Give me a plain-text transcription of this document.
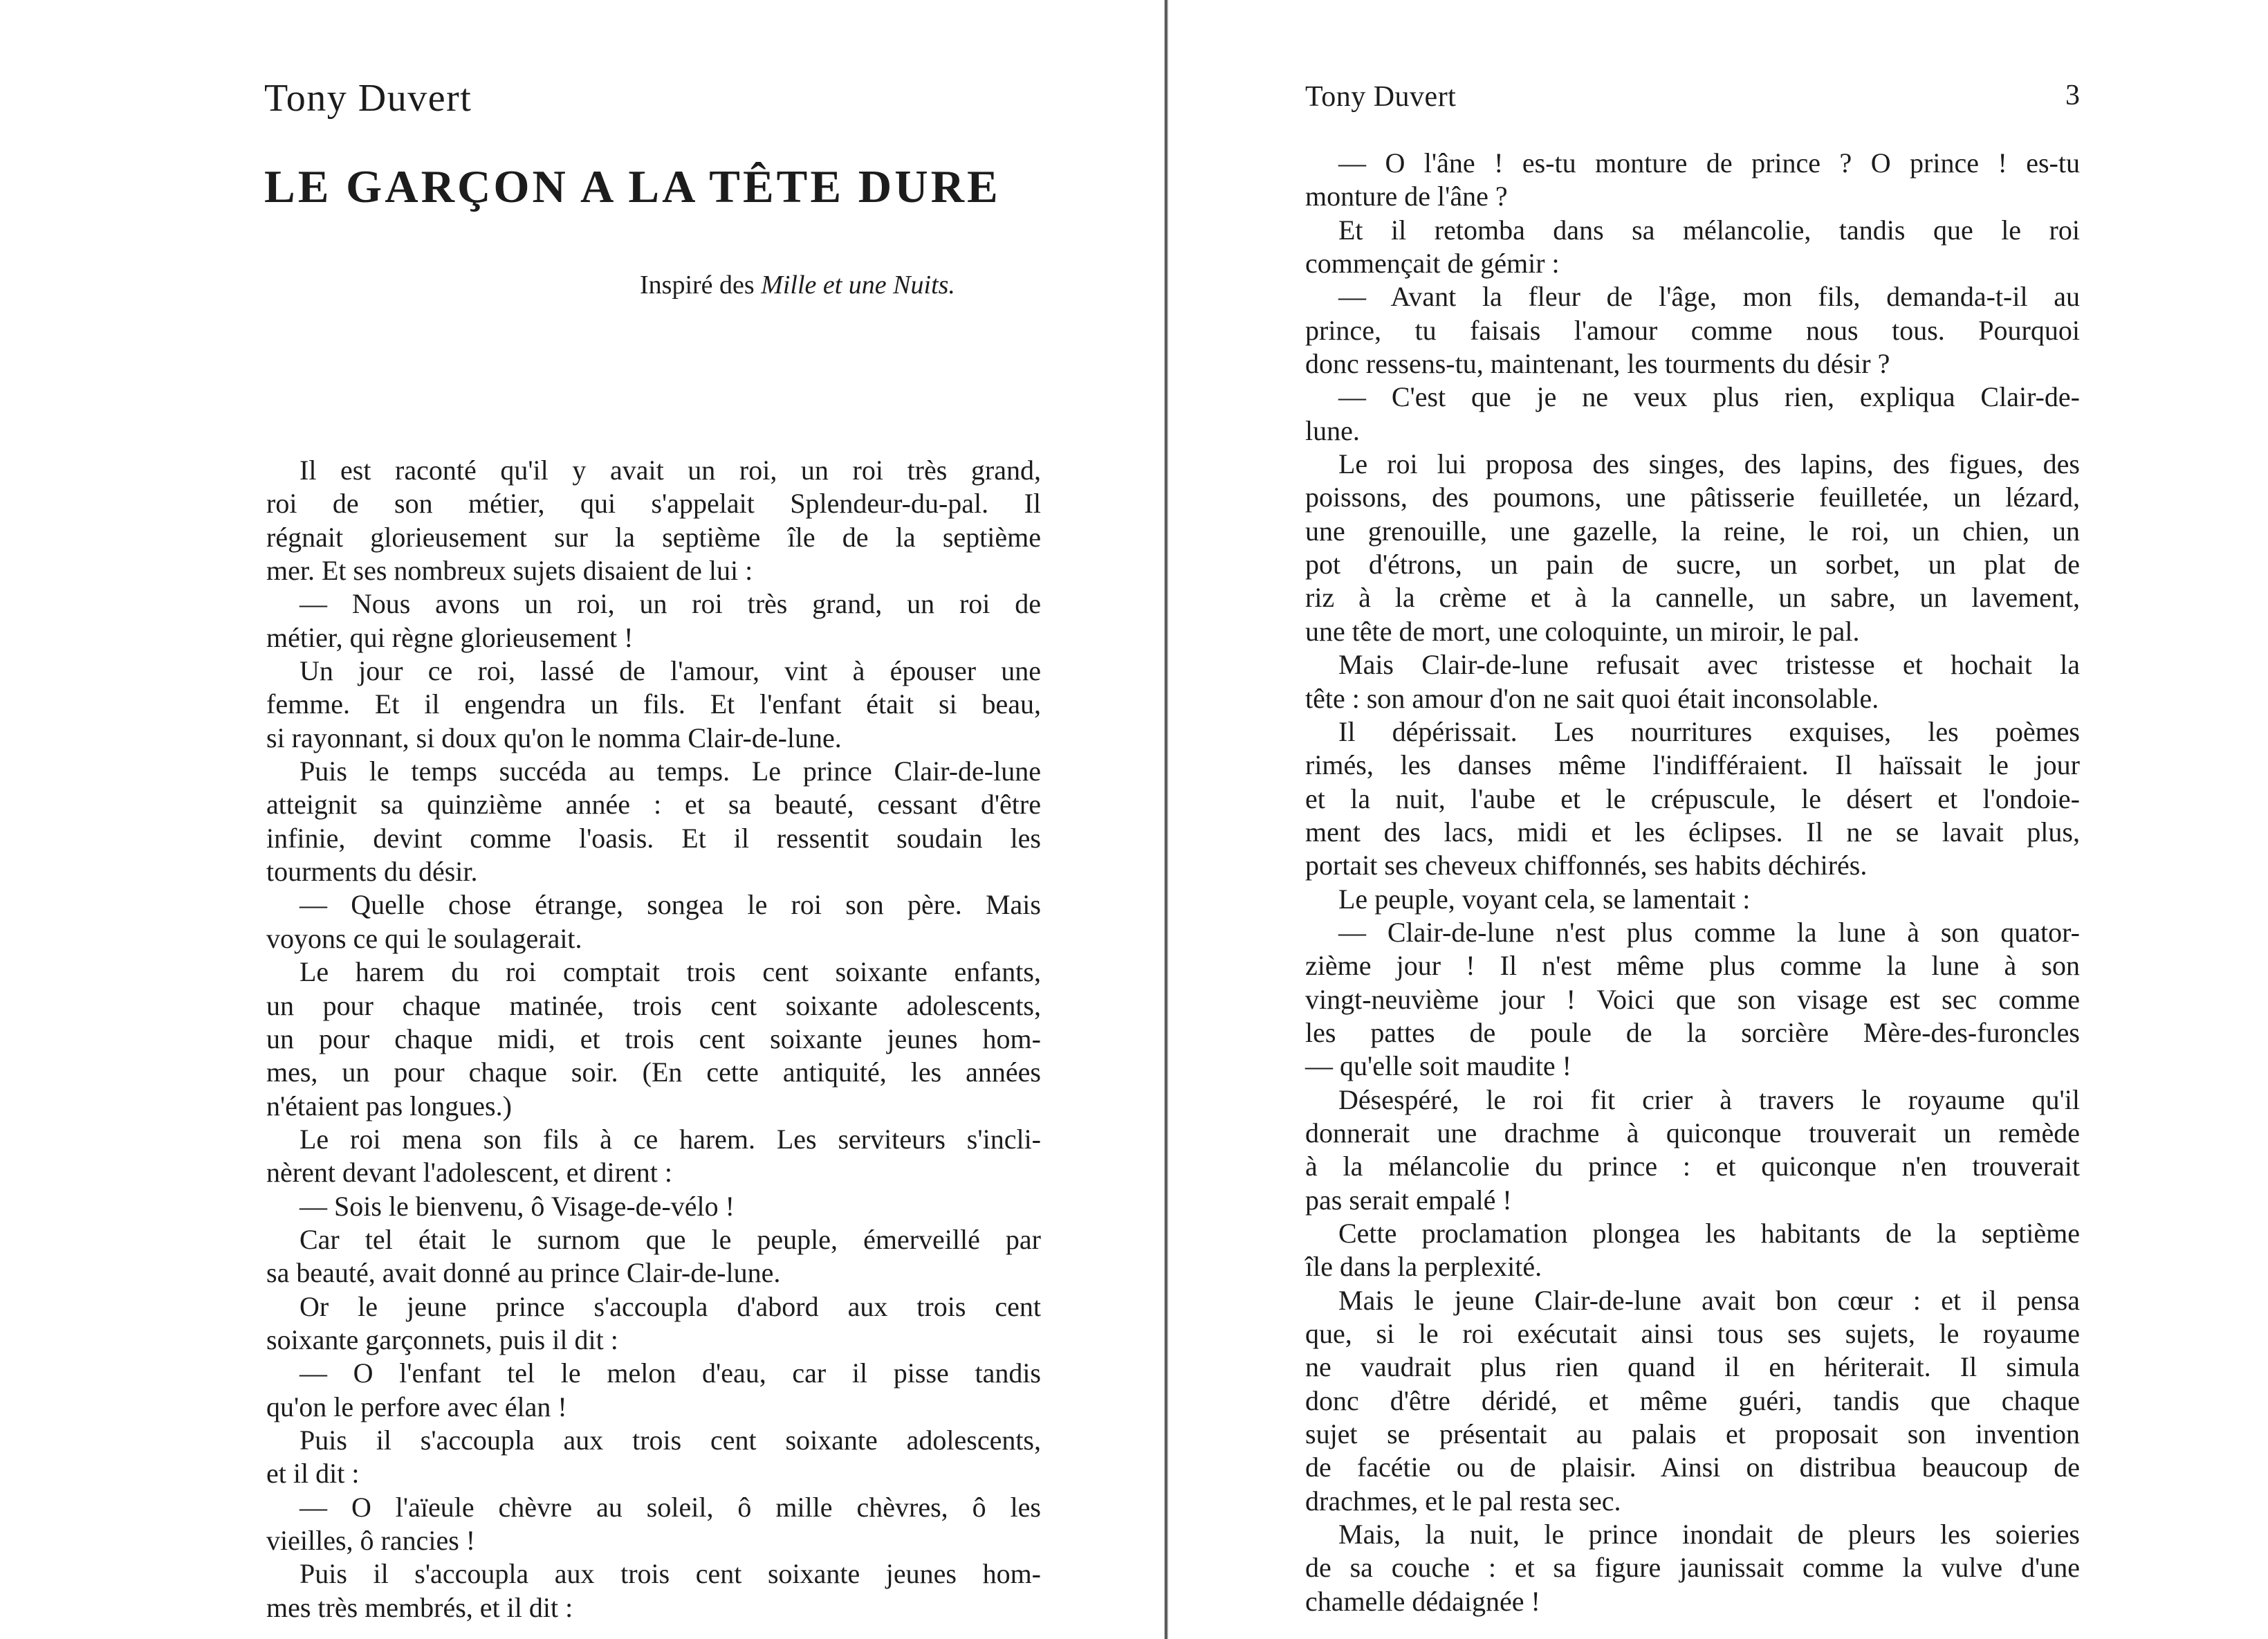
Tony Duvert
LE GARÇON A LA TÊTE DURE

Inspiré des Mille et une Nuits.

Il est raconté qu'il y avait un roi, un roi très grand,
roi de son métier, qui s'appelait Splendeur-du-pal. Il
régnait glorieusement sur la septième île de la septième
mer. Et ses nombreux sujets disaient de lui :
— Nous avons un roi, un roi très grand, un roi de
métier, qui règne glorieusement !
Un jour ce roi, lassé de l'amour, vint à épouser une
femme. Et il engendra un fils. Et l'enfant était si beau,
si rayonnant, si doux qu'on le nomma Clair-de-lune.
Puis le temps succéda au temps. Le prince Clair-de-lune
atteignit sa quinzième année : et sa beauté, cessant d'être
infinie, devint comme l'oasis. Et il ressentit soudain les
tourments du désir.
— Quelle chose étrange, songea le roi son père. Mais
voyons ce qui le soulagerait.
Le harem du roi comptait trois cent soixante enfants,
un pour chaque matinée, trois cent soixante adolescents,
un pour chaque midi, et trois cent soixante jeunes hom-
mes, un pour chaque soir. (En cette antiquité, les années
n'étaient pas longues.)
Le roi mena son fils à ce harem. Les serviteurs s'incli-
nèrent devant l'adolescent, et dirent :
— Sois le bienvenu, ô Visage-de-vélo !
Car tel était le surnom que le peuple, émerveillé par
sa beauté, avait donné au prince Clair-de-lune.
Or le jeune prince s'accoupla d'abord aux trois cent
soixante garçonnets, puis il dit :
— O l'enfant tel le melon d'eau, car il pisse tandis
qu'on le perfore avec élan !
Puis il s'accoupla aux trois cent soixante adolescents,
et il dit :
— O l'aïeule chèvre au soleil, ô mille chèvres, ô les
vieilles, ô rancies !
Puis il s'accoupla aux trois cent soixante jeunes hom-
mes très membrés, et il dit :

Tony Duvert	3

— O l'âne ! es-tu monture de prince ? O prince ! es-tu
monture de l'âne ?
Et il retomba dans sa mélancolie, tandis que le roi
commençait de gémir :
— Avant la fleur de l'âge, mon fils, demanda-t-il au
prince, tu faisais l'amour comme nous tous. Pourquoi
donc ressens-tu, maintenant, les tourments du désir ?
— C'est que je ne veux plus rien, expliqua Clair-de-
lune.
Le roi lui proposa des singes, des lapins, des figues, des
poissons, des poumons, une pâtisserie feuilletée, un lézard,
une grenouille, une gazelle, la reine, le roi, un chien, un
pot d'étrons, un pain de sucre, un sorbet, un plat de
riz à la crème et à la cannelle, un sabre, un lavement,
une tête de mort, une coloquinte, un miroir, le pal.
Mais Clair-de-lune refusait avec tristesse et hochait la
tête : son amour d'on ne sait quoi était inconsolable.
Il dépérissait. Les nourritures exquises, les poèmes
rimés, les danses même l'indifféraient. Il haïssait le jour
et la nuit, l'aube et le crépuscule, le désert et l'ondoie-
ment des lacs, midi et les éclipses. Il ne se lavait plus,
portait ses cheveux chiffonnés, ses habits déchirés.
Le peuple, voyant cela, se lamentait :
— Clair-de-lune n'est plus comme la lune à son quator-
zième jour ! Il n'est même plus comme la lune à son
vingt-neuvième jour ! Voici que son visage est sec comme
les pattes de poule de la sorcière Mère-des-furoncles
— qu'elle soit maudite !
Désespéré, le roi fit crier à travers le royaume qu'il
donnerait une drachme à quiconque trouverait un remède
à la mélancolie du prince : et quiconque n'en trouverait
pas serait empalé !
Cette proclamation plongea les habitants de la septième
île dans la perplexité.
Mais le jeune Clair-de-lune avait bon cœur : et il pensa
que, si le roi exécutait ainsi tous ses sujets, le royaume
ne vaudrait plus rien quand il en hériterait. Il simula
donc d'être déridé, et même guéri, tandis que chaque
sujet se présentait au palais et proposait son invention
de facétie ou de plaisir. Ainsi on distribua beaucoup de
drachmes, et le pal resta sec.
Mais, la nuit, le prince inondait de pleurs les soieries
de sa couche : et sa figure jaunissait comme la vulve d'une
chamelle dédaignée !
